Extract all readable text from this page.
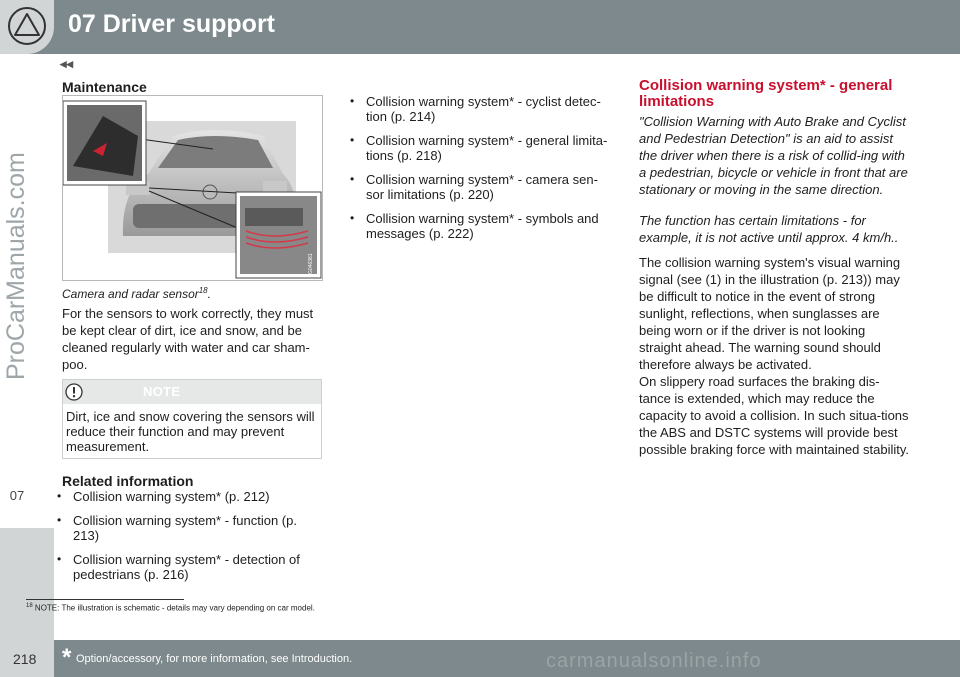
07 Driver support
07
ProCarManuals.com
◂◂
Maintenance
G046381
Camera and radar sensor$^{18}$.

For the sensors to work correctly, they must be kept clear of dirt, ice and snow, and be cleaned regularly with water and car sham-poo.

NOTE
Dirt, ice and snow covering the sensors will reduce their function and may prevent measurement.
Related information
• Collision warning system* (p. 212)
• Collision warning system* - function (p. 213)
• Collision warning system* - detection of pedestrians (p. 216)
• Collision warning system* - cyclist detec-tion (p. 214)
• Collision warning system* - general limita-tions (p. 218)
• Collision warning system* - camera sen-sor limitations (p. 220)
• Collision warning system* - symbols and messages (p. 222)
Collision warning system* - general limitations

"Collision Warning with Auto Brake and Cyclist and Pedestrian Detection" is an aid to assist the driver when there is a risk of collid-ing with a pedestrian, bicycle or vehicle in front that are stationary or moving in the same direction.

The function has certain limitations - for example, it is not active until approx. 4 km/h..

The collision warning system's visual warning signal (see (1) in the illustration (p. 213)) may be difficult to notice in the event of strong sunlight, reflections, when sunglasses are being worn or if the driver is not looking straight ahead. The warning sound should therefore always be activated.

On slippery road surfaces the braking dis-tance is extended, which may reduce the capacity to avoid a collision. In such situa-tions the ABS and DSTC systems will provide best possible braking force with maintained stability.

$^{18}$ NOTE: The illustration is schematic - details may vary depending on car model.
218 * Option/accessory, for more information, see Introduction.	carmanualsonline.info
